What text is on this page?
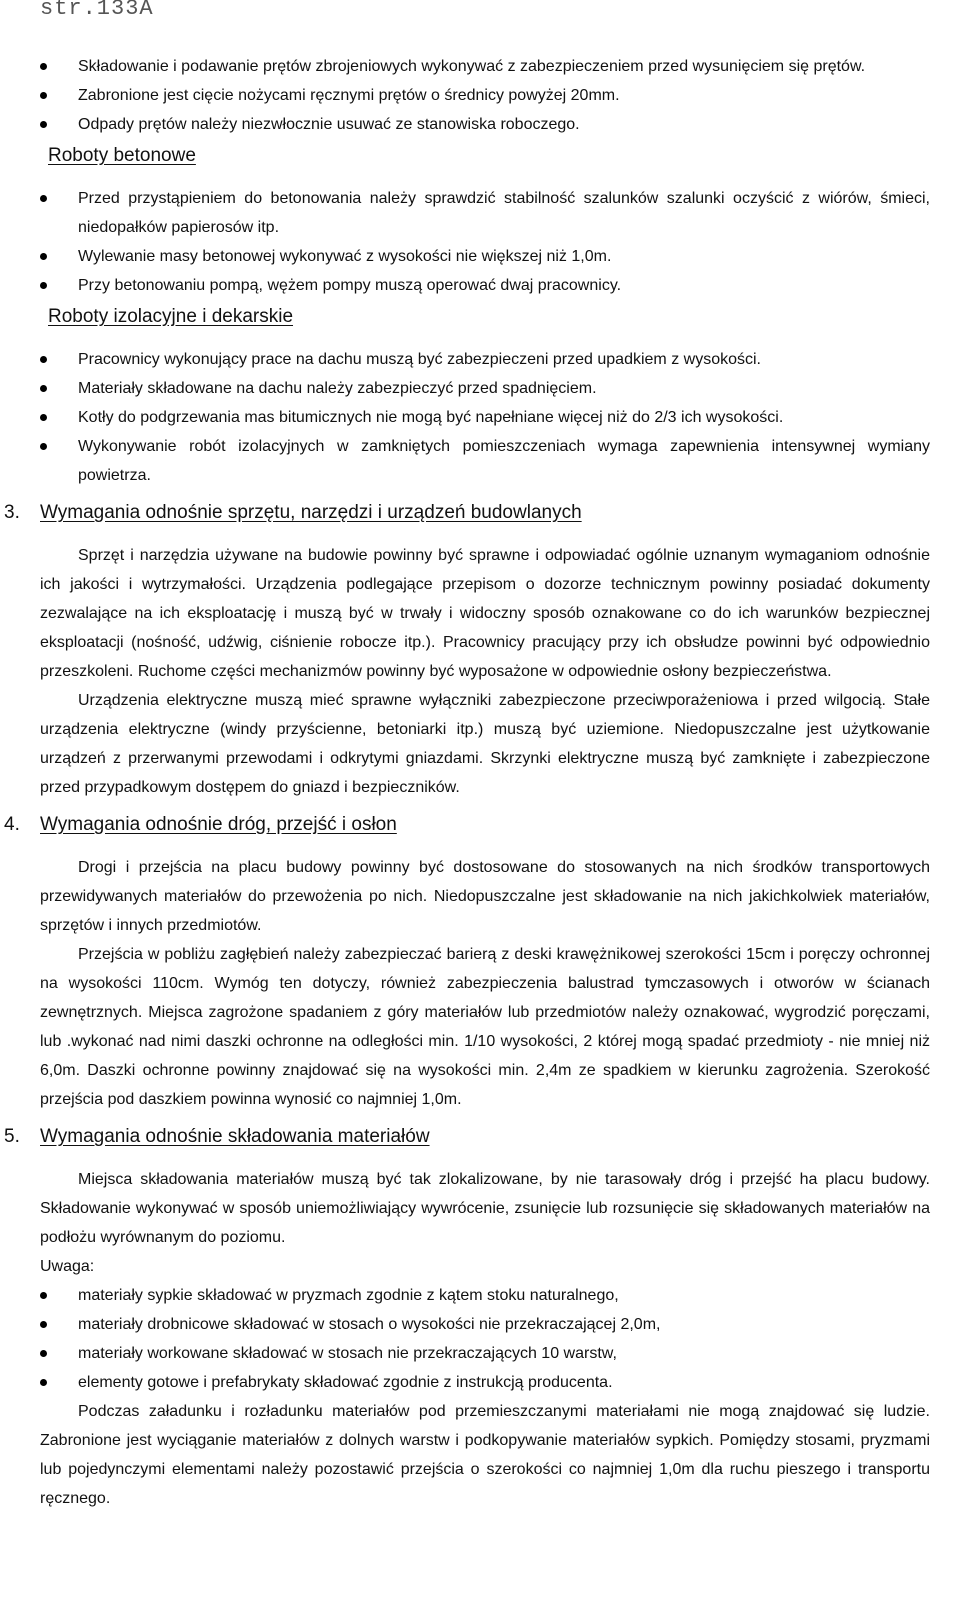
str.133A
Składowanie i podawanie prętów zbrojeniowych wykonywać z zabezpieczeniem przed wysunięciem się prętów.
Zabronione jest cięcie nożycami ręcznymi prętów o średnicy powyżej 20mm.
Odpady prętów należy niezwłocznie usuwać ze stanowiska roboczego.
Roboty betonowe
Przed przystąpieniem do betonowania należy sprawdzić stabilność szalunków szalunki oczyścić z wiórów, śmieci, niedopałków papierosów itp.
Wylewanie masy betonowej wykonywać z wysokości nie większej niż 1,0m.
Przy betonowaniu pompą, wężem pompy muszą operować dwaj pracownicy.
Roboty izolacyjne i dekarskie
Pracownicy wykonujący prace na dachu muszą być zabezpieczeni przed upadkiem z wysokości.
Materiały składowane na dachu należy zabezpieczyć przed spadnięciem.
Kotły do podgrzewania mas bitumicznych nie mogą być napełniane więcej niż do 2/3 ich wysokości.
Wykonywanie robót izolacyjnych w zamkniętych pomieszczeniach wymaga zapewnienia intensywnej wymiany powietrza.
3. Wymagania odnośnie sprzętu, narzędzi i urządzeń budowlanych

Sprzęt i narzędzia używane na budowie powinny być sprawne i odpowiadać ogólnie uznanym wymaganiom odnośnie ich jakości i wytrzymałości. Urządzenia podlegające przepisom o dozorze technicznym powinny posiadać dokumenty zezwalające na ich eksploatację i muszą być w trwały i widoczny sposób oznakowane co do ich warunków bezpiecznej eksploatacji (nośność, udźwig, ciśnienie robocze itp.). Pracownicy pracujący przy ich obsłudze powinni być odpowiednio przeszkoleni. Ruchome części mechanizmów powinny być wyposażone w odpowiednie osłony bezpieczeństwa.

Urządzenia elektryczne muszą mieć sprawne wyłączniki zabezpieczone przeciwporażeniowa i przed wilgocią. Stałe urządzenia elektryczne (windy przyścienne, betoniarki itp.) muszą być uziemione. Niedopuszczalne jest użytkowanie urządzeń z przerwanymi przewodami i odkrytymi gniazdami. Skrzynki elektryczne muszą być zamknięte i zabezpieczone przed przypadkowym dostępem do gniazd i bezpieczników.

4. Wymagania odnośnie dróg, przejść i osłon

Drogi i przejścia na placu budowy powinny być dostosowane do stosowanych na nich środków transportowych przewidywanych materiałów do przewożenia po nich. Niedopuszczalne jest składowanie na nich jakichkolwiek materiałów, sprzętów i innych przedmiotów.

Przejścia w pobliżu zagłębień należy zabezpieczać barierą z deski krawężnikowej szerokości 15cm i poręczy ochronnej na wysokości 110cm. Wymóg ten dotyczy, również zabezpieczenia balustrad tymczasowych i otworów w ścianach zewnętrznych. Miejsca zagrożone spadaniem z góry materiałów lub przedmiotów należy oznakować, wygrodzić poręczami, lub .wykonać nad nimi daszki ochronne na odległości min. 1/10 wysokości, 2 której mogą spadać przedmioty - nie mniej niż 6,0m. Daszki ochronne powinny znajdować się na wysokości min. 2,4m ze spadkiem w kierunku zagrożenia. Szerokość przejścia pod daszkiem powinna wynosić co najmniej 1,0m.

5. Wymagania odnośnie składowania materiałów

Miejsca składowania materiałów muszą być tak zlokalizowane, by nie tarasowały dróg i przejść ha placu budowy. Składowanie wykonywać w sposób uniemożliwiający wywrócenie, zsunięcie lub rozsunięcie się składowanych materiałów na podłożu wyrównanym do poziomu.

Uwaga:

materiały sypkie składować w pryzmach zgodnie z kątem stoku naturalnego,
materiały drobnicowe składować w stosach o wysokości nie przekraczającej 2,0m,
materiały workowane składować w stosach nie przekraczających 10 warstw,
elementy gotowe i prefabrykaty składować zgodnie z instrukcją producenta.

Podczas załadunku i rozładunku materiałów pod przemieszczanymi materiałami nie mogą znajdować się ludzie. Zabronione jest wyciąganie materiałów z dolnych warstw i podkopywanie materiałów sypkich. Pomiędzy stosami, pryzmami lub pojedynczymi elementami należy pozostawić przejścia o szerokości co najmniej 1,0m dla ruchu pieszego i transportu ręcznego.
